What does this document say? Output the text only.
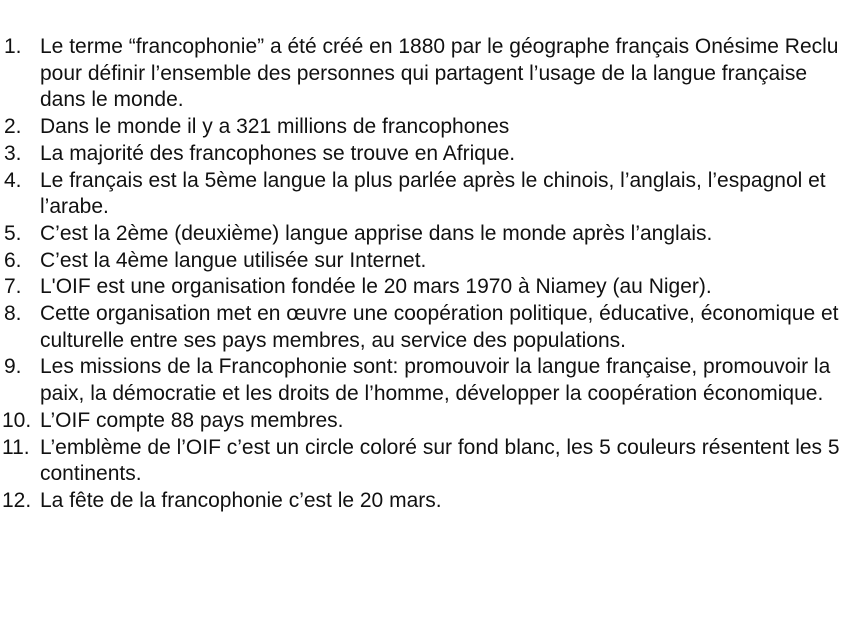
1. Le terme “francophonie” a été créé en 1880 par le géographe français Onésime Reclu pour définir l’ensemble des personnes qui partagent l’usage de la langue française dans le monde.
2. Dans le monde il y a 321 millions de francophones
3. La majorité des francophones se trouve en Afrique.
4. Le français est la 5ème langue la plus parlée après le chinois, l’anglais, l’espagnol et l’arabe.
5. C’est la 2ème (deuxième) langue apprise dans le monde après l’anglais.
6. C’est la 4ème langue utilisée sur Internet.
7. L'OIF est une organisation fondée le 20 mars 1970 à Niamey (au Niger).
8. Cette organisation met en œuvre une coopération politique, éducative, économique et culturelle entre ses pays membres, au service des populations.
9. Les missions de la Francophonie sont: promouvoir la langue française, promouvoir la paix, la démocratie et les droits de l’homme, développer la coopération économique.
10. L’OIF compte 88 pays membres.
11. L’emblème de l’OIF c’est un circle coloré sur fond blanc, les 5 couleurs résentent les 5 continents.
12. La fête de la francophonie c’est le 20 mars.
